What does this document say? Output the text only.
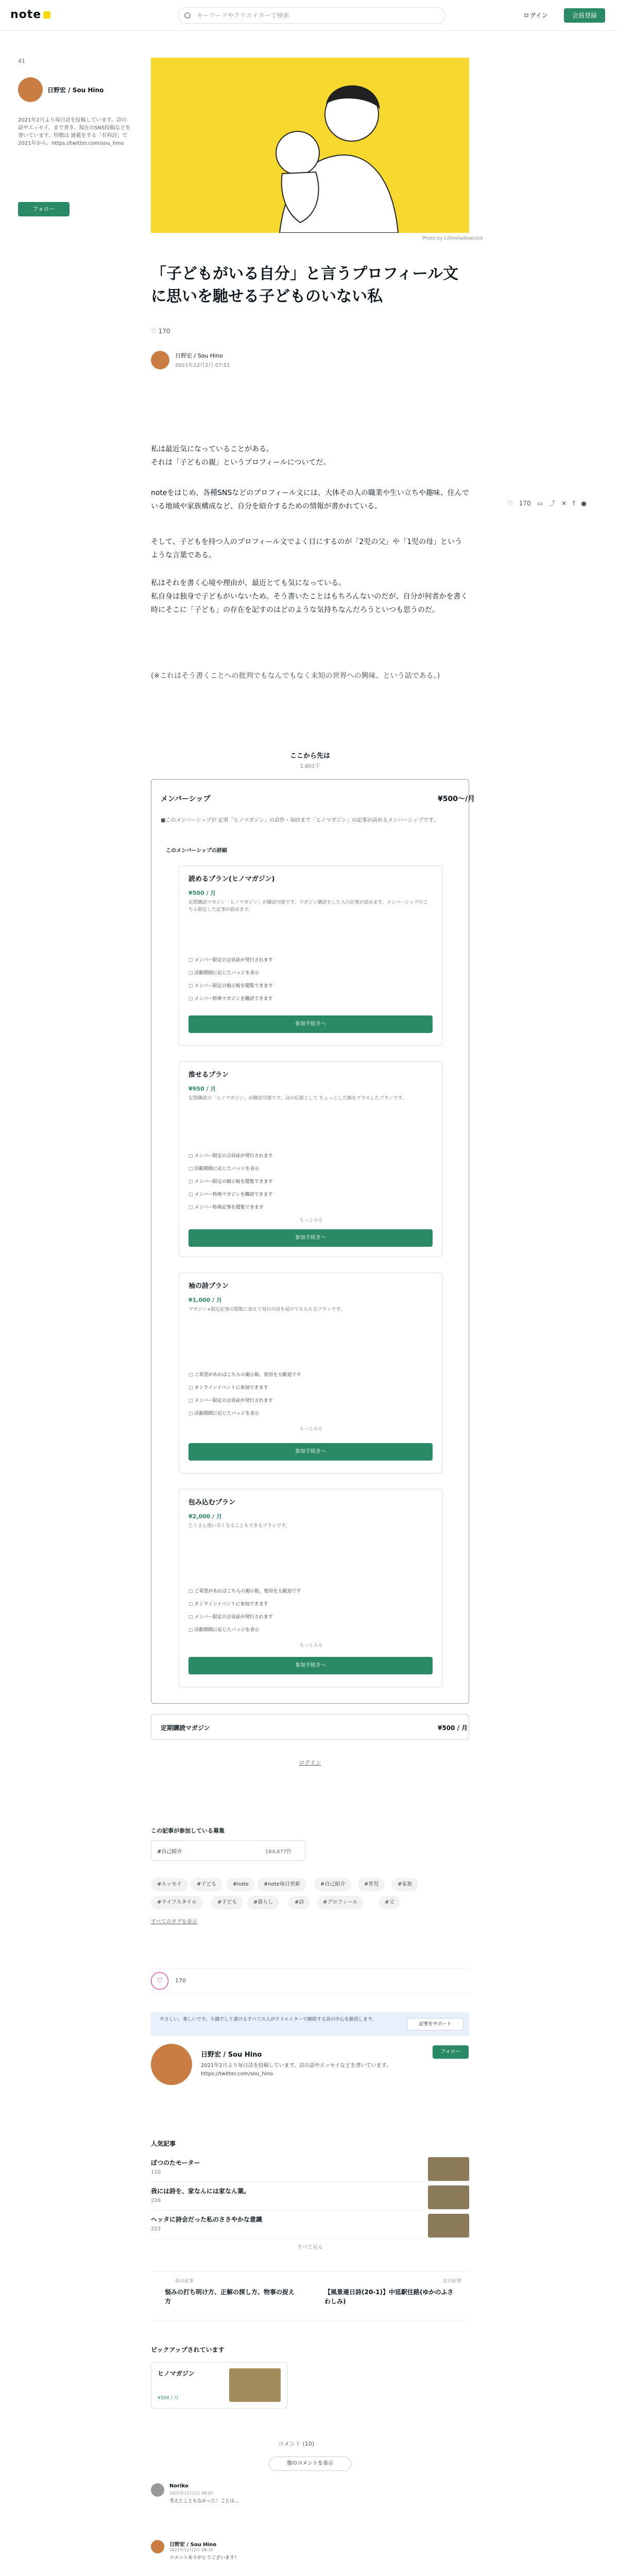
note	キーワードやクリエイターで検索	ログイン	会員登録
41
日野宏 / Sou Hino
2021年2月より毎日詩を投稿しています。詩の話やエッセイ、まで書き、現在のSNS投稿などを書いています。特徴は 連載をする「有料詩」で2021年から。https://twitter.com/sou_hino
フォロー
Photo by Lillieshadowcock
「子どもがいる自分」と言うプロフィール文に思いを馳せる子どものいない私
♡ 170
日野宏 / Sou Hino
2021年12月2日 07:51
私は最近気になっていることがある。
それは「子どもの親」というプロフィールについてだ。
noteをはじめ、各種SNSなどのプロフィール文には、大体その人の職業や生い立ちや趣味、住んでいる地域や家族構成など、自分を紹介するための情報が書かれている。
そして、子どもを持つ人のプロフィール文でよく目にするのが「2児の父」や「1児の母」というような言葉である。
私はそれを書く心境や理由が、最近とても気になっている。
私自身は独身で子どもがいないため、そう書いたことはもちろんないのだが、自分が何者かを書く時にそこに「子ども」の存在を記すのはどのような気持ちなんだろうといつも思うのだ。
(※これはそう書くことへの批判でもなんでもなく未知の世界への興味、という話である。)
♡ 170 ▭ ⤴ ✕ f ●
ここから先は
1,601字
メンバーシップ	¥500〜/月
■このメンバーシップが 記事「ヒノマガジン」の詩作・毎回まで「ヒノマガジン」の記事が読めるメンバーシップです。
このメンバーシップの詳細
読めるプラン(ヒノマガジン)
¥500 / 月
定期購読マガジン「ヒノマガジン」が購読可能です。マガジン購読をした人の記事が読めます。メンバーシップのこちら限定した記事が読めます。
▢ メンバー限定の会員証が発行されます
▢ 活動期間に応じたバッジを表示
▢ メンバー限定の掲示板を閲覧できます
▢ メンバー特典マガジンを購読できます
参加手続きへ
推せるプラン
¥950 / 月
定期購読の「ヒノマガジン」が購読可能です。詩の応援として ちょっとした額をプラスしたプランです。
▢ メンバー限定の会員証が発行されます
▢ 活動期間に応じたバッジを表示
▢ メンバー限定の掲示板を閲覧できます
▢ メンバー特典マガジンを購読できます
▢ メンバー特典記事を閲覧できます
もっとみる
参加手続きへ
袖の詩プラン
¥1,000 / 月
マガジン+限定記事の閲覧に加えて毎日の詩を届けてもらえるプランです。
▢ ご希望があればこちらの掲示板、使用を大歓迎です
▢ オンラインイベントに参加できます
▢ メンバー限定の会員証が発行されます
▢ 活動期間に応じたバッジを表示
もっとみる
参加手続きへ
包み込むプラン
¥2,000 / 月
たくさん使い尽くなることもできるプランです。
▢ ご希望があればこちらの掲示板、使用を大歓迎です
▢ オンラインイベントに参加できます
▢ メンバー限定の会員証が発行されます
▢ 活動期間に応じたバッジを表示
もっとみる
参加手続きへ
定期購読マガジン	¥500 / 月
ログイン
この記事が参加している募集
#自己紹介	164,677件
#エッセイ	#子ども	#note	#note毎日更新	#自己紹介	#育児	#家族
#ライフスタイル	#子ども	#暮らし	#詩	#プロフィール	#父
すべてのタグを表示
♡	170
やさしい、楽しいです。小銭でして書けるすべての人がクリエイターで継続する詩の中心を創造します。
記事をサポート
日野宏 / Sou Hino
2021年2月より毎日詩を投稿しています。詩の話やエッセイなどを書いています。https://twitter.com/sou_hino
フォロー
人気記事
ぼつのたモーター
110
我には詩を、家なんには家なん葉。
226
ヘッタに詩会だった私のささやかな意識
223
すべて見る
前の記事
悩みの打ち明け方、正解の探し方、物事の捉え方
次の記事
【風景連日詩(20-1)】中延駅往路(ゆかのふさわしみ)
ピックアップされています
ヒノマガジン
¥500 / 月
コメント (10)
他のコメントを表示
Noriko
2021年12月2日 08:07
考えたこともなかった！ことは…
日野宏 / Sou Hino
2021年12月2日 08:32
コメントありがとうございます！
